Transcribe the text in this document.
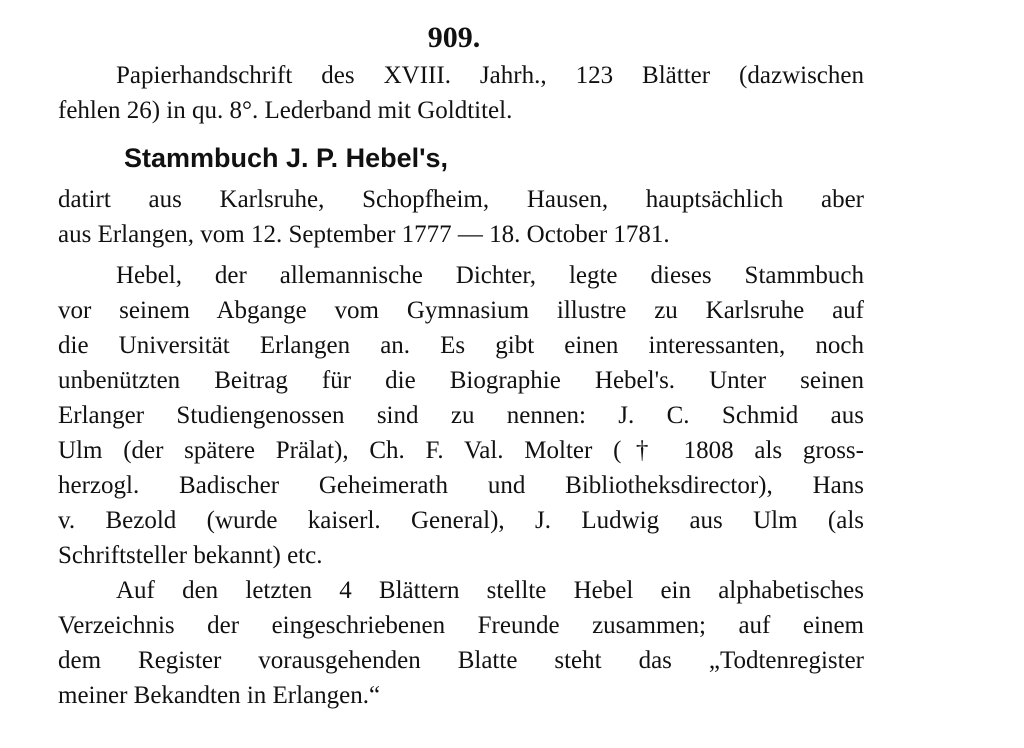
909.
Papierhandschrift des XVIII. Jahrh., 123 Blätter (dazwischen
fehlen 26) in qu. 8°. Lederband mit Goldtitel.
Stammbuch J. P. Hebel's,
datirt aus Karlsruhe, Schopfheim, Hausen, hauptsächlich aber
aus Erlangen, vom 12. September 1777 — 18. October 1781.
Hebel, der allemannische Dichter, legte dieses Stammbuch
vor seinem Abgange vom Gymnasium illustre zu Karlsruhe auf
die Universität Erlangen an. Es gibt einen interessanten, noch
unbenützten Beitrag für die Biographie Hebel's. Unter seinen
Erlanger Studiengenossen sind zu nennen: J. C. Schmid aus
Ulm (der spätere Prälat), Ch. F. Val. Molter († 1808 als gross-
herzogl. Badischer Geheimerath und Bibliotheksdirector), Hans
v. Bezold (wurde kaiserl. General), J. Ludwig aus Ulm (als
Schriftsteller bekannt) etc.
Auf den letzten 4 Blättern stellte Hebel ein alphabetisches
Verzeichnis der eingeschriebenen Freunde zusammen; auf einem
dem Register vorausgehenden Blatte steht das „Todtenregister
meiner Bekandten in Erlangen.“
